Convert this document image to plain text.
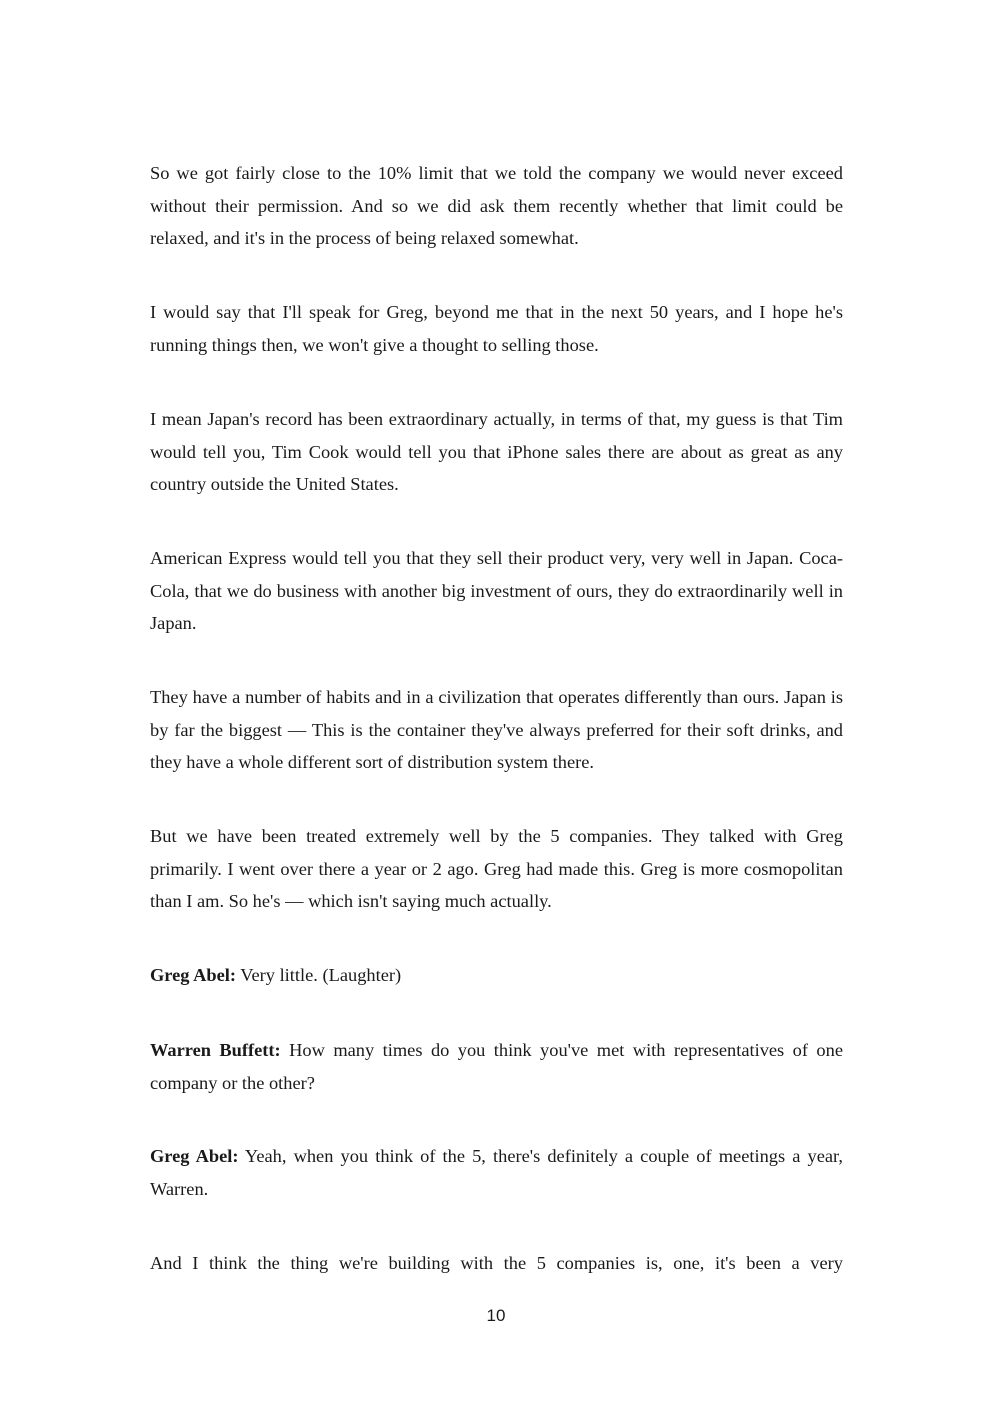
So we got fairly close to the 10% limit that we told the company we would never exceed without their permission. And so we did ask them recently whether that limit could be relaxed, and it's in the process of being relaxed somewhat.

I would say that I'll speak for Greg, beyond me that in the next 50 years, and I hope he's running things then, we won't give a thought to selling those.

I mean Japan's record has been extraordinary actually, in terms of that, my guess is that Tim would tell you, Tim Cook would tell you that iPhone sales there are about as great as any country outside the United States.

American Express would tell you that they sell their product very, very well in Japan. Coca-Cola, that we do business with another big investment of ours, they do extraordinarily well in Japan.

They have a number of habits and in a civilization that operates differently than ours. Japan is by far the biggest — This is the container they've always preferred for their soft drinks, and they have a whole different sort of distribution system there.

But we have been treated extremely well by the 5 companies. They talked with Greg primarily. I went over there a year or 2 ago. Greg had made this. Greg is more cosmopolitan than I am. So he's — which isn't saying much actually.

Greg Abel: Very little. (Laughter)

Warren Buffett: How many times do you think you've met with representatives of one company or the other?

Greg Abel: Yeah, when you think of the 5, there's definitely a couple of meetings a year, Warren.

And I think the thing we're building with the 5 companies is, one, it's been a very

10
